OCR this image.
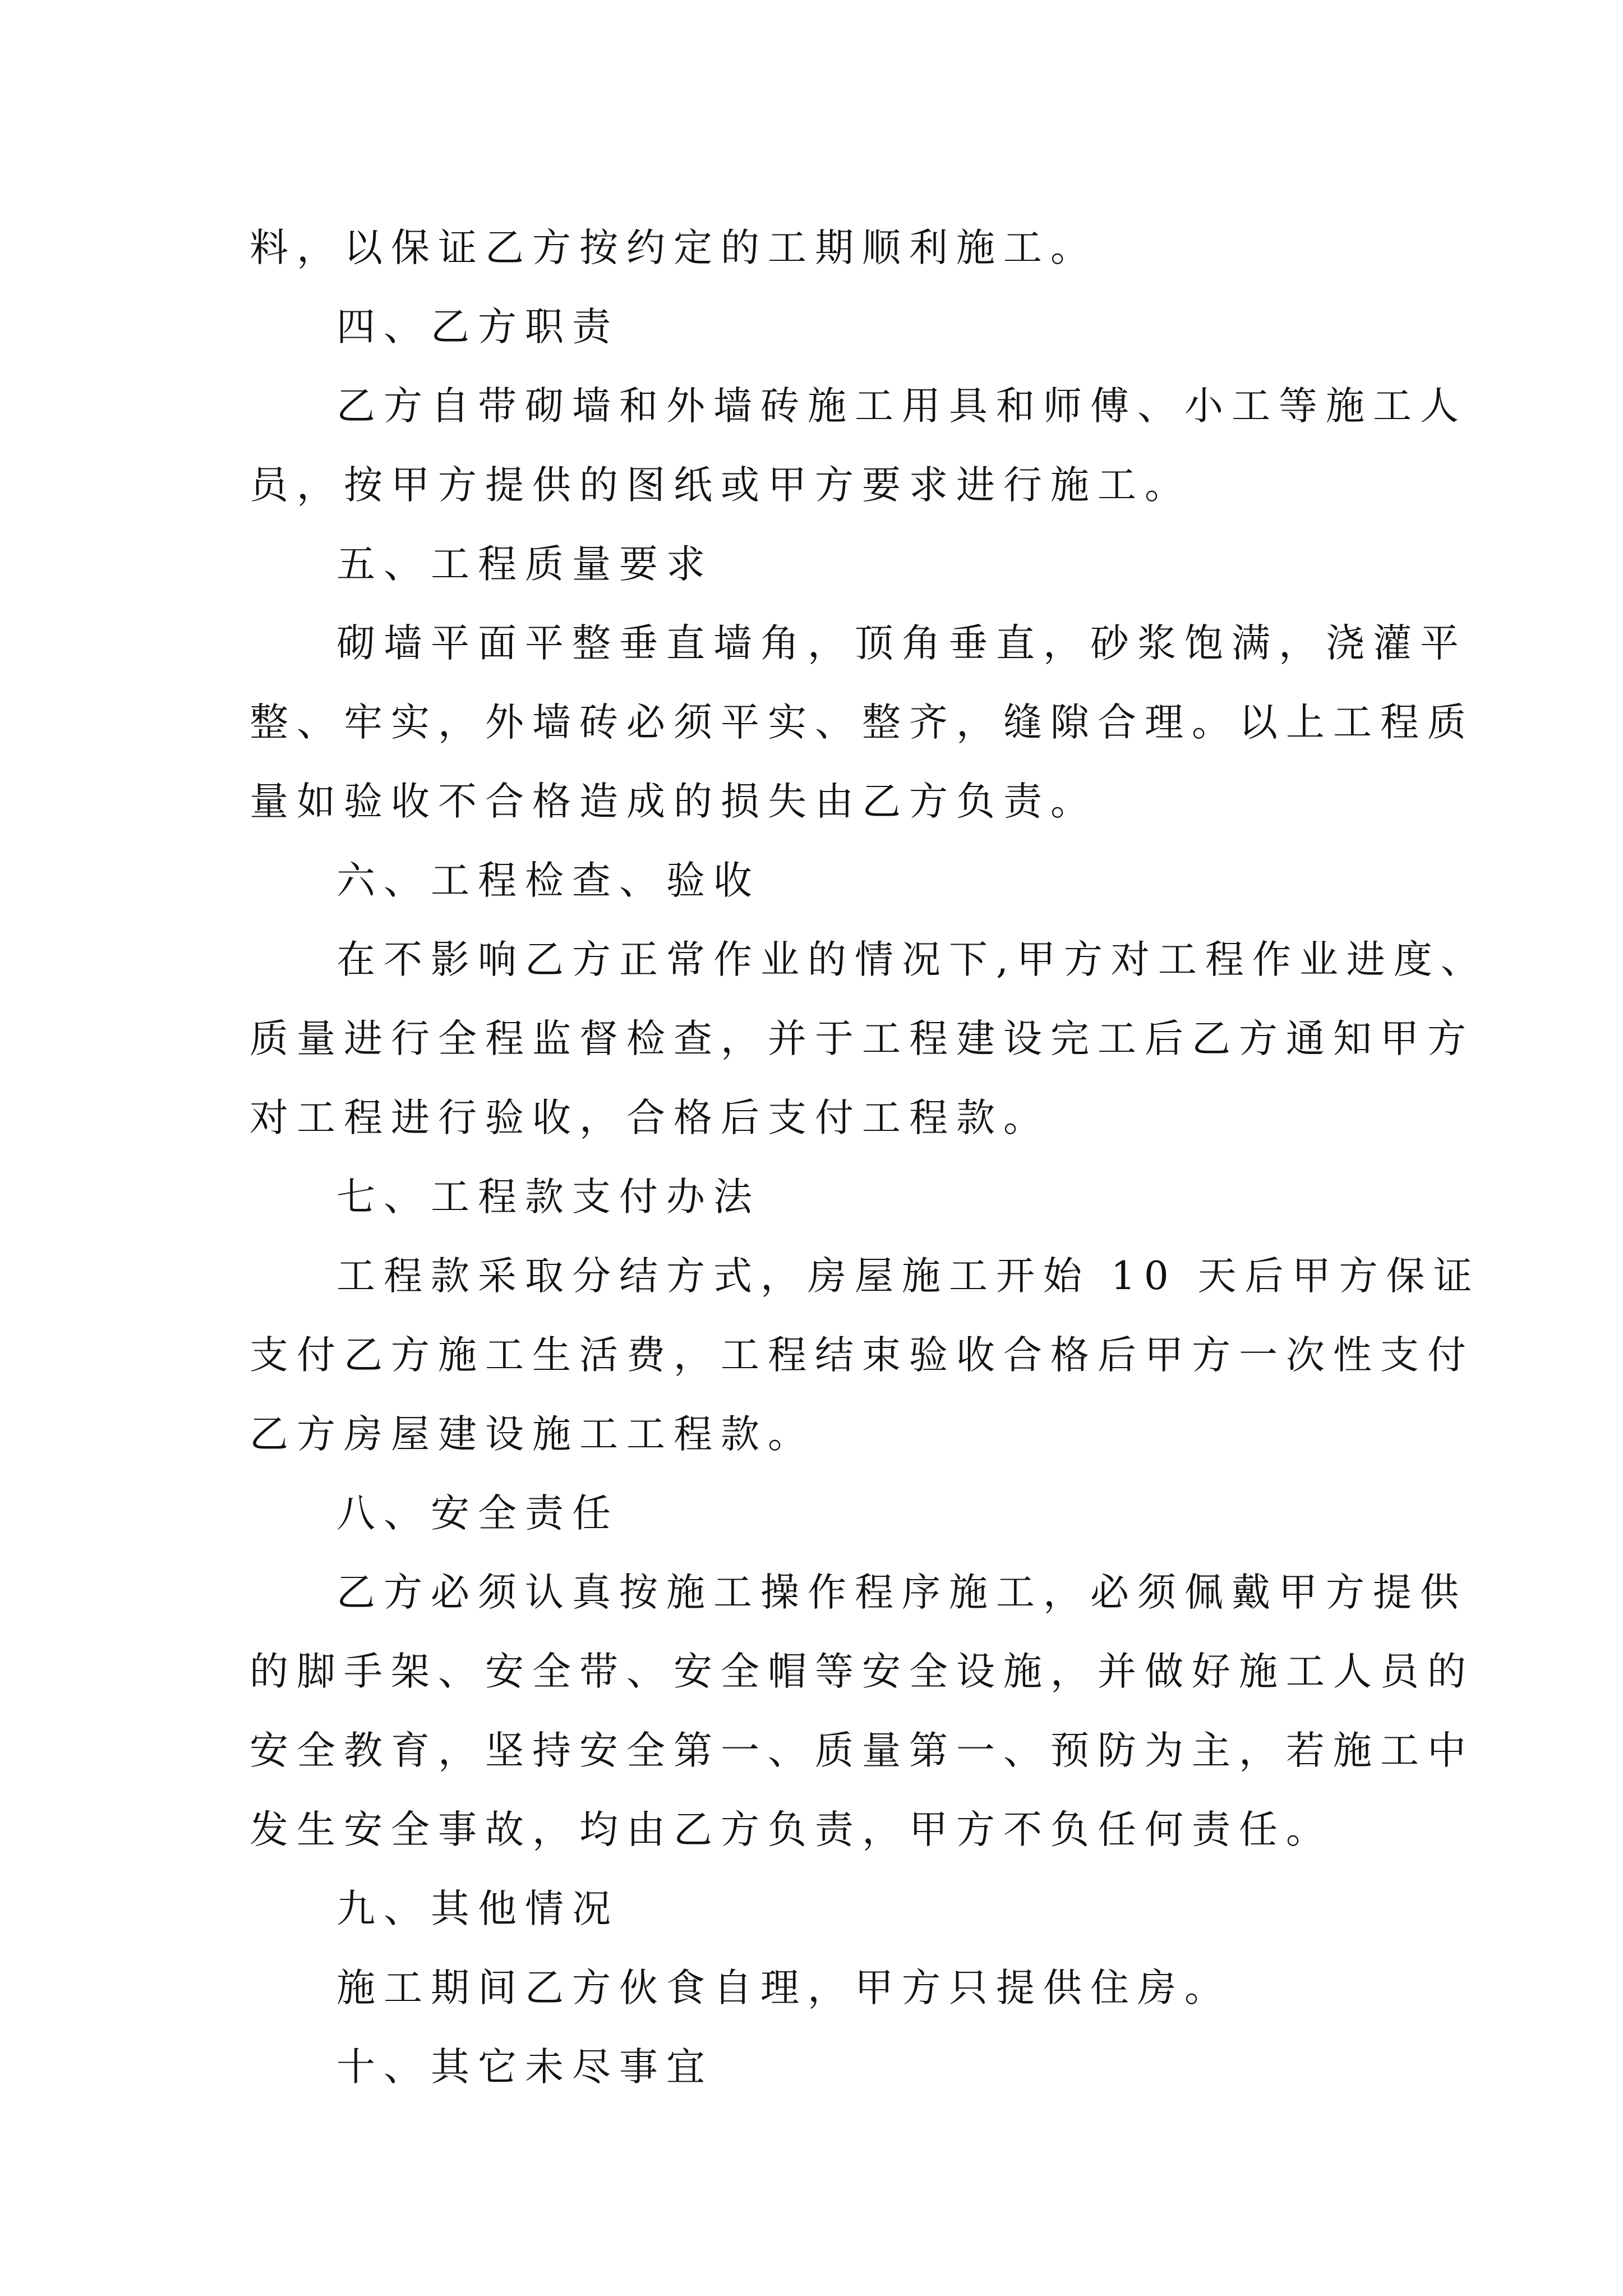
料，以保证乙方按约定的工期顺利施工。
四、乙方职责
乙方自带砌墙和外墙砖施工用具和师傅、小工等施工人
员，按甲方提供的图纸或甲方要求进行施工。
五、工程质量要求
砌墙平面平整垂直墙角，顶角垂直，砂浆饱满，浇灌平
整、牢实，外墙砖必须平实、整齐，缝隙合理。以上工程质
量如验收不合格造成的损失由乙方负责。
六、工程检查、验收
在不影响乙方正常作业的情况下,甲方对工程作业进度、
质量进行全程监督检查，并于工程建设完工后乙方通知甲方
对工程进行验收，合格后支付工程款。
七、工程款支付办法
工程款采取分结方式，房屋施工开始 10 天后甲方保证
支付乙方施工生活费，工程结束验收合格后甲方一次性支付
乙方房屋建设施工工程款。
八、安全责任
乙方必须认真按施工操作程序施工，必须佩戴甲方提供
的脚手架、安全带、安全帽等安全设施，并做好施工人员的
安全教育，坚持安全第一、质量第一、预防为主，若施工中
发生安全事故，均由乙方负责，甲方不负任何责任。
九、其他情况
施工期间乙方伙食自理，甲方只提供住房。
十、其它未尽事宜
